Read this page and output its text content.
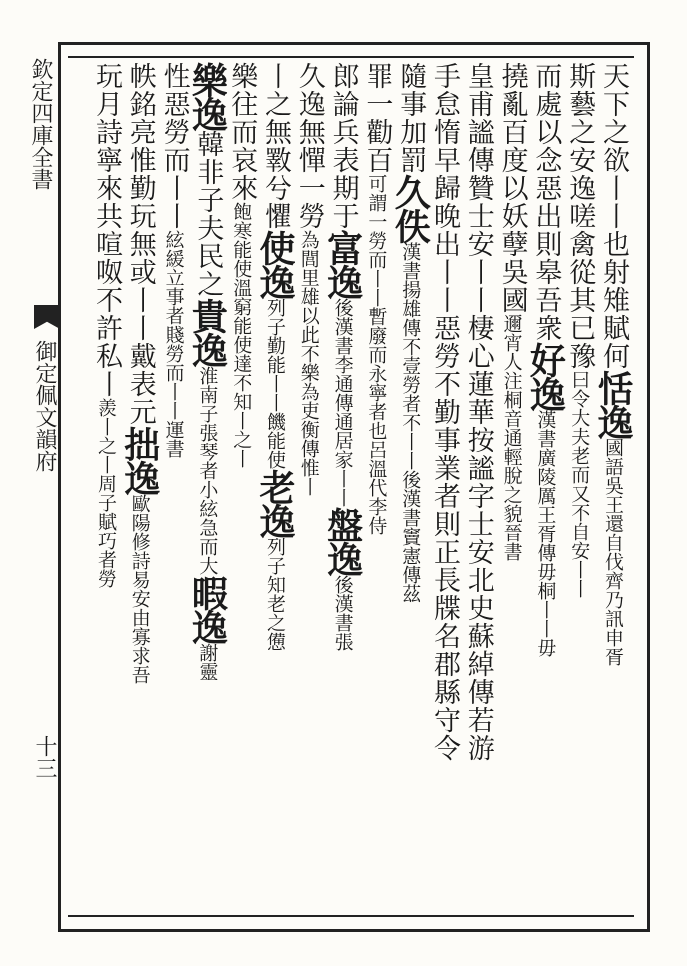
欽定四庫全書
御定佩文韻府
十三
天下之欲丨丨也射雉賦何恬逸國語吳王還自伐齊乃訊申胥
斯藝之安逸嗟禽從其已豫曰令大夫老而又不自安丨丨
而處以念惡出則皋吾衆好逸漢書廣陵厲王胥傳毋桐丨丨毋
撓亂百度以妖孽吳國邇宵人注桐音通輕脫之貌晉書
皇甫謐傳贊士安丨丨棲心蓮華按謐字士安北史蘇綽傳若游
手怠惰早歸晚出丨丨惡勞不勤事業者則正長牒名郡縣守令
隨事加罰久佚漢書揚雄傳不壹勞者不丨丨後漢書竇憲傳茲
罪一勸百可謂一勞而丨丨暫廢而永寧者也呂溫代李侍
郎論兵表期于富逸後漢書李通傳通居家丨丨盤逸後漢書張
久逸無憚一勞為閭里雄以此不樂為吏衡傳惟丨
丨之無斁兮懼使逸列子勤能丨丨饑能使老逸列子知老之憊
樂往而哀來飽寒能使溫窮能使達不知丨之丨
樂逸韓非子夫民之貴逸淮南子張琴者小絃急而大暇逸謝靈
性惡勞而丨丨絃緩立事者賤勞而丨丨運書
帙銘亮惟勤玩無或丨丨戴表元拙逸歐陽修詩易安由寡求吾
玩月詩寧來共喧呶不許私丨羨丨之丨周子賦巧者勞
